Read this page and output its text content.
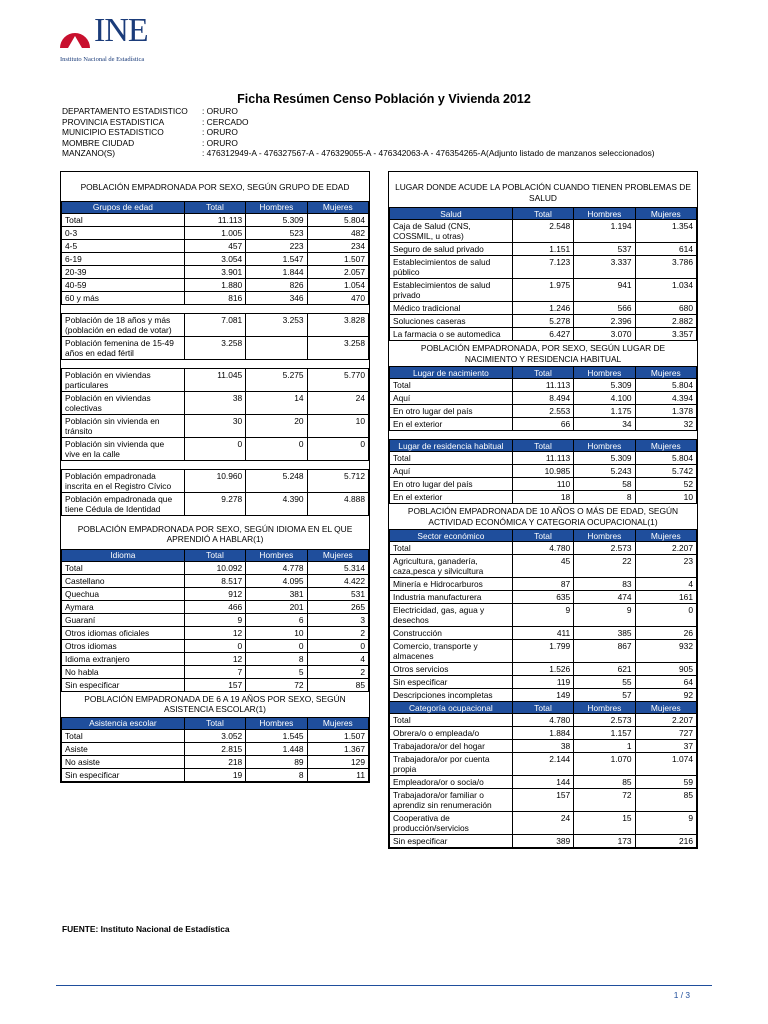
INE
Instituto Nacional de Estadística
Ficha Resúmen Censo Población y Vivienda 2012
DEPARTAMENTO ESTADISTICO	: ORURO
PROVINCIA ESTADISTICA	: CERCADO
MUNICIPIO ESTADISTICO	: ORURO
MOMBRE CIUDAD	: ORURO
MANZANO(S)	: 476312949-A - 476327567-A - 476329055-A - 476342063-A - 476354265-A(Adjunto listado de manzanos seleccionados)
POBLACIÓN EMPADRONADA POR SEXO, SEGÚN GRUPO DE EDAD
Grupos de edad	Total	Hombres	Mujeres
Total	11.113	5.309	5.804
0-3	1.005	523	482
4-5	457	223	234
6-19	3.054	1.547	1.507
20-39	3.901	1.844	2.057
40-59	1.880	826	1.054
60 y más	816	346	470

Población de 18 años y más (población en edad de votar)	7.081	3.253	3.828
Población femenina de 15-49 años en edad fértil	3.258		3.258

Población en viviendas particulares	11.045	5.275	5.770
Población en viviendas colectivas	38	14	24
Población sin vivienda en tránsito	30	20	10
Población sin vivienda que vive en la calle	0	0	0

Población empadronada inscrita en el Registro Cívico	10.960	5.248	5.712
Población empadronada que tiene Cédula de Identidad	9.278	4.390	4.888
POBLACIÓN EMPADRONADA POR SEXO, SEGÚN IDIOMA EN EL QUE APRENDIÓ A HABLAR(1)
Idioma	Total	Hombres	Mujeres
Total	10.092	4.778	5.314
Castellano	8.517	4.095	4.422
Quechua	912	381	531
Aymara	466	201	265
Guaraní	9	6	3
Otros idiomas oficiales	12	10	2
Otros idiomas	0	0	0
Idioma extranjero	12	8	4
No habla	7	5	2
Sin especificar	157	72	85
POBLACIÓN EMPADRONADA DE 6 A 19 AÑOS POR SEXO, SEGÚN ASISTENCIA ESCOLAR(1)
Asistencia escolar	Total	Hombres	Mujeres
Total	3.052	1.545	1.507
Asiste	2.815	1.448	1.367
No asiste	218	89	129
Sin especificar	19	8	11
LUGAR DONDE ACUDE LA POBLACIÓN CUANDO TIENEN PROBLEMAS DE SALUD
Salud	Total	Hombres	Mujeres
Caja de Salud (CNS, COSSMIL, u otras)	2.548	1.194	1.354
Seguro de salud privado	1.151	537	614
Establecimientos de salud público	7.123	3.337	3.786
Establecimientos de salud privado	1.975	941	1.034
Médico tradicional	1.246	566	680
Soluciones caseras	5.278	2.396	2.882
La farmacia o se automedica	6.427	3.070	3.357
POBLACIÓN EMPADRONADA, POR SEXO, SEGÚN LUGAR DE NACIMIENTO Y RESIDENCIA HABITUAL
Lugar de nacimiento	Total	Hombres	Mujeres
Total	11.113	5.309	5.804
Aquí	8.494	4.100	4.394
En otro lugar del país	2.553	1.175	1.378
En el exterior	66	34	32

Lugar de residencia habitual	Total	Hombres	Mujeres
Total	11.113	5.309	5.804
Aquí	10.985	5.243	5.742
En otro lugar del país	110	58	52
En el exterior	18	8	10
POBLACIÓN EMPADRONADA DE 10 AÑOS O MÁS DE EDAD, SEGÚN ACTIVIDAD ECONÓMICA Y CATEGORIA OCUPACIONAL(1)
Sector económico	Total	Hombres	Mujeres
Total	4.780	2.573	2.207
Agricultura, ganadería, caza,pesca y silvicultura	45	22	23
Minería e Hidrocarburos	87	83	4
Industria manufacturera	635	474	161
Electricidad, gas, agua y desechos	9	9	0
Construcción	411	385	26
Comercio, transporte y almacenes	1.799	867	932
Otros servicios	1.526	621	905
Sin especificar	119	55	64
Descripciones incompletas	149	57	92
Categoría ocupacional	Total	Hombres	Mujeres
Total	4.780	2.573	2.207
Obrera/o o empleada/o	1.884	1.157	727
Trabajadora/or del hogar	38	1	37
Trabajadora/or por cuenta propia	2.144	1.070	1.074
Empleadora/or o socia/o	144	85	59
Trabajadora/or familiar o aprendiz sin renumeración	157	72	85
Cooperativa de producción/servicios	24	15	9
Sin especificar	389	173	216
FUENTE: Instituto Nacional de Estadística
1 / 3
